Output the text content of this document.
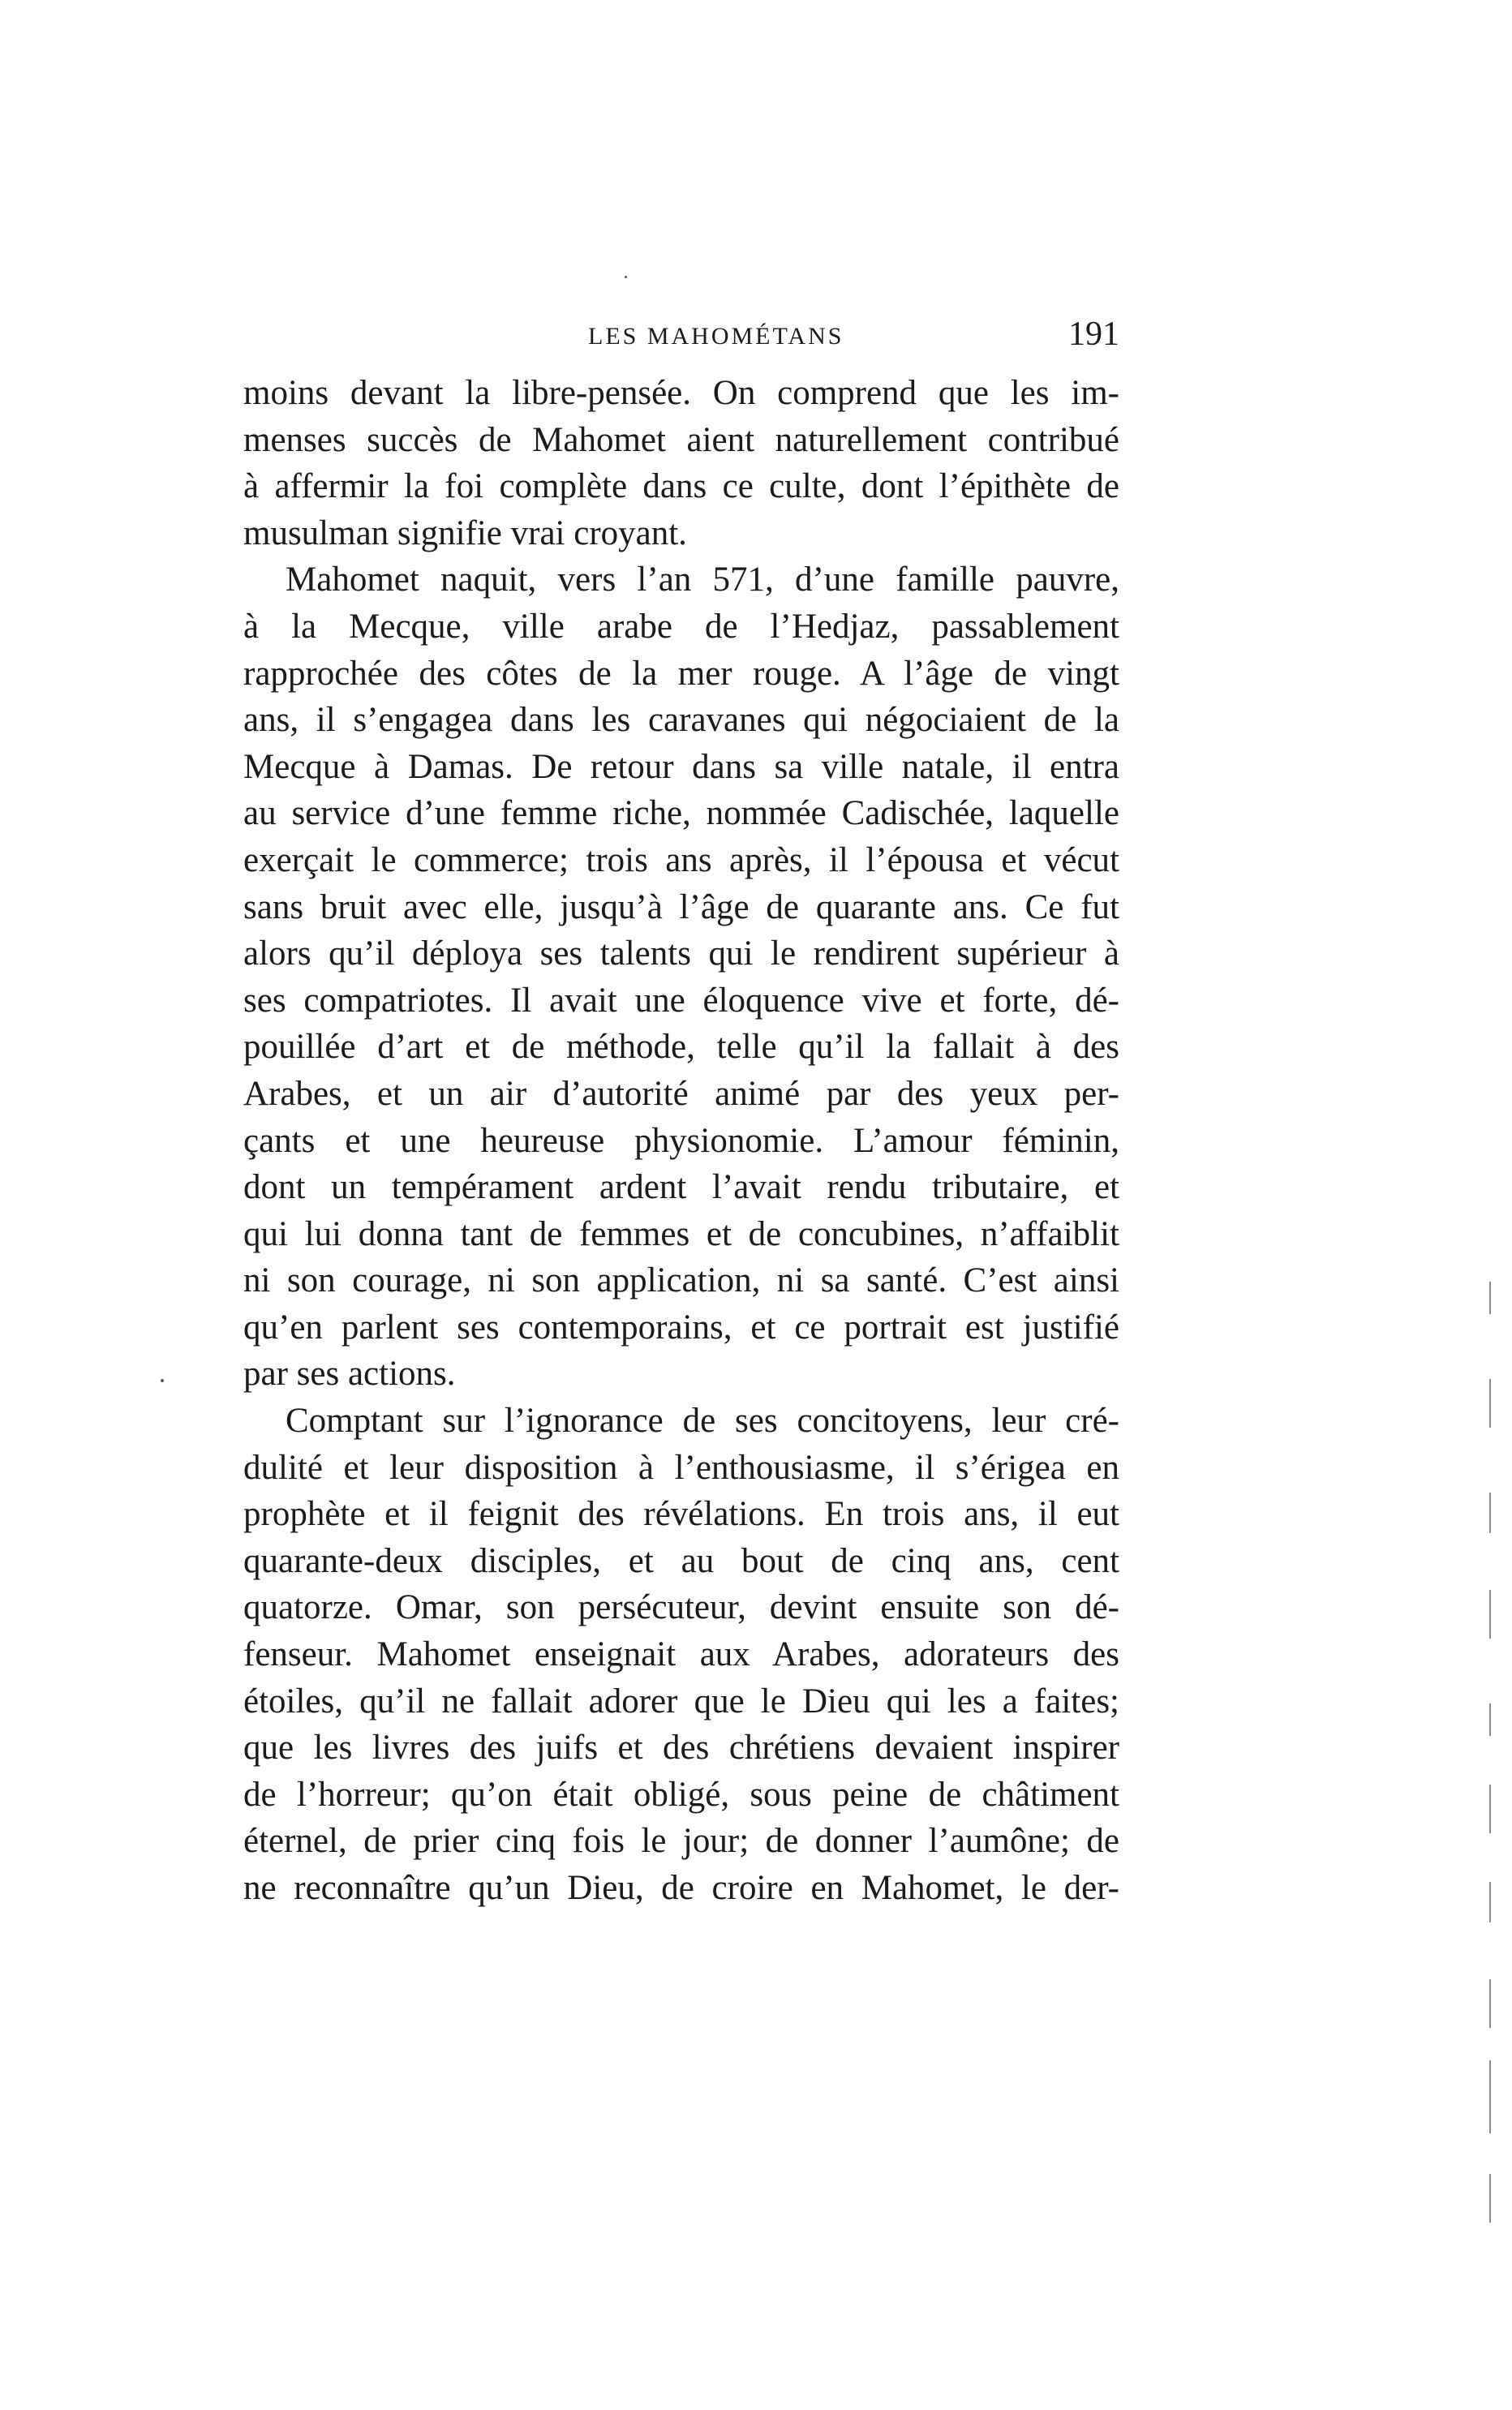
LES MAHOMÉTANS	191
moins devant la libre-pensée. On comprend que les im-
menses succès de Mahomet aient naturellement contribué
à affermir la foi complète dans ce culte, dont l’épithète de
musulman signifie vrai croyant.
Mahomet naquit, vers l’an 571, d’une famille pauvre,
à la Mecque, ville arabe de l’Hedjaz, passablement
rapprochée des côtes de la mer rouge. A l’âge de vingt
ans, il s’engagea dans les caravanes qui négociaient de la
Mecque à Damas. De retour dans sa ville natale, il entra
au service d’une femme riche, nommée Cadischée, laquelle
exerçait le commerce; trois ans après, il l’épousa et vécut
sans bruit avec elle, jusqu’à l’âge de quarante ans. Ce fut
alors qu’il déploya ses talents qui le rendirent supérieur à
ses compatriotes. Il avait une éloquence vive et forte, dé-
pouillée d’art et de méthode, telle qu’il la fallait à des
Arabes, et un air d’autorité animé par des yeux per-
çants et une heureuse physionomie. L’amour féminin,
dont un tempérament ardent l’avait rendu tributaire, et
qui lui donna tant de femmes et de concubines, n’affaiblit
ni son courage, ni son application, ni sa santé. C’est ainsi
qu’en parlent ses contemporains, et ce portrait est justifié
par ses actions.
Comptant sur l’ignorance de ses concitoyens, leur cré-
dulité et leur disposition à l’enthousiasme, il s’érigea en
prophète et il feignit des révélations. En trois ans, il eut
quarante-deux disciples, et au bout de cinq ans, cent
quatorze. Omar, son persécuteur, devint ensuite son dé-
fenseur. Mahomet enseignait aux Arabes, adorateurs des
étoiles, qu’il ne fallait adorer que le Dieu qui les a faites;
que les livres des juifs et des chrétiens devaient inspirer
de l’horreur; qu’on était obligé, sous peine de châtiment
éternel, de prier cinq fois le jour; de donner l’aumône; de
ne reconnaître qu’un Dieu, de croire en Mahomet, le der-
